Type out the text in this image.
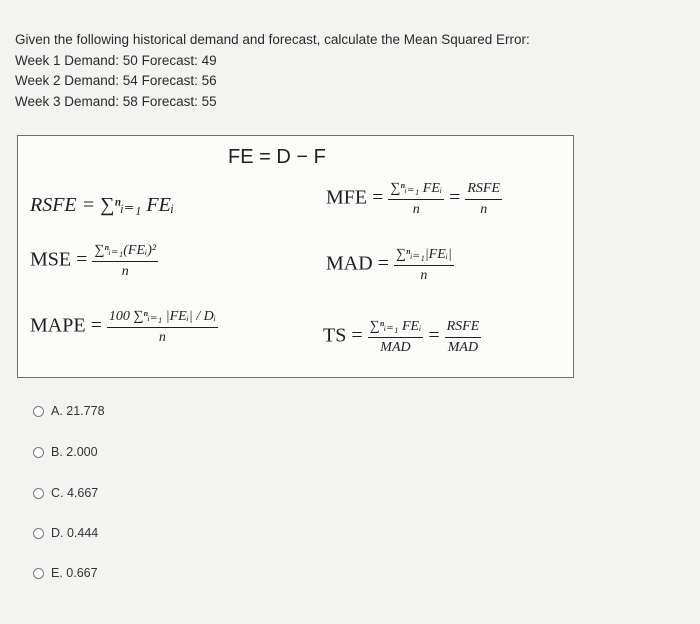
Given the following historical demand and forecast, calculate the Mean Squared Error:
Week 1 Demand: 50 Forecast: 49
Week 2 Demand: 54 Forecast: 56
Week 3 Demand: 58 Forecast: 55
FE = D − F
RSFE = ∑ⁿᵢ₌₁ FEᵢ	MFE = $\frac{\text{∑ⁿᵢ₌₁ FEᵢ}}{n} = \frac{\text{RSFE}}{n}$
MSE = $\frac{\text{∑ⁿᵢ₌₁(FEᵢ)²}}{n}$	MAD = $\frac{\text{∑ⁿᵢ₌₁|FEᵢ|}}{n}$
MAPE = $\frac{\text{100 ∑ⁿᵢ₌₁ |FEᵢ| / Dᵢ}}{n}$	TS = $\frac{\text{∑ⁿᵢ₌₁ FEᵢ}}{\text{MAD}} = \frac{\text{RSFE}}{\text{MAD}}$
A. 21.778
B. 2.000
C. 4.667
D. 0.444
E. 0.667
